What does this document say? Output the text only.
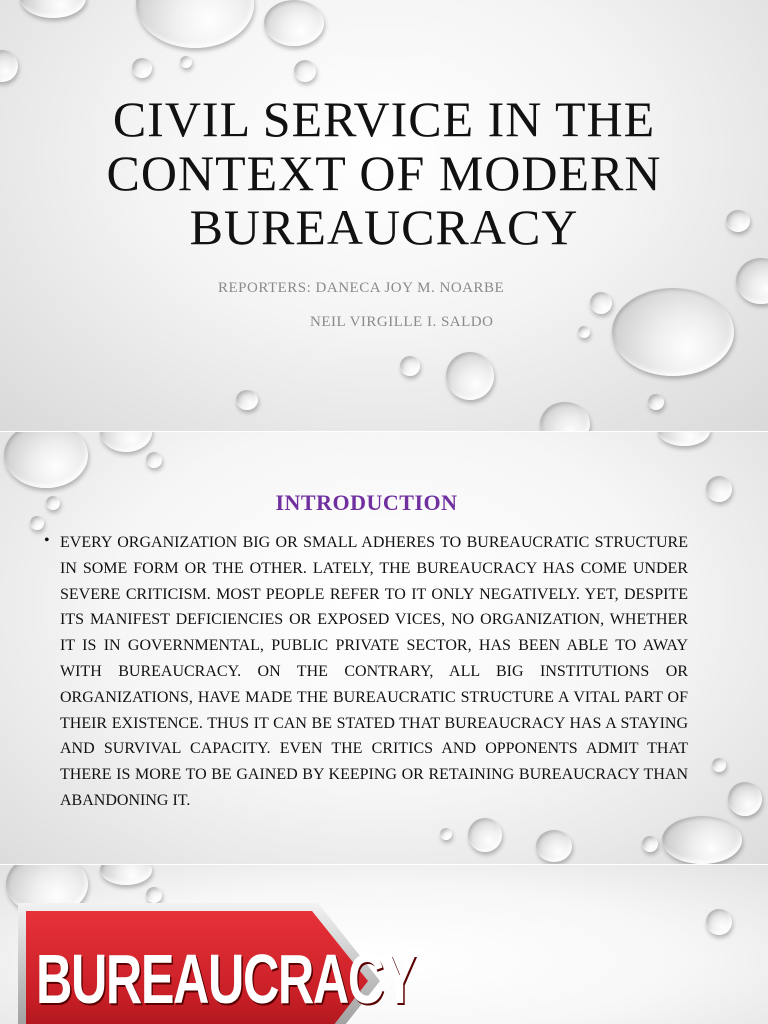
CIVIL SERVICE IN THE CONTEXT OF MODERN BUREAUCRACY
REPORTERS: DANECA JOY M. NOARBE
NEIL VIRGILLE I. SALDO
INTRODUCTION
• EVERY ORGANIZATION BIG OR SMALL ADHERES TO BUREAUCRATIC STRUCTURE IN SOME FORM OR THE OTHER. LATELY, THE BUREAUCRACY HAS COME UNDER SEVERE CRITICISM. MOST PEOPLE REFER TO IT ONLY NEGATIVELY. YET, DESPITE ITS MANIFEST DEFICIENCIES OR EXPOSED VICES, NO ORGANIZATION, WHETHER IT IS IN GOVERNMENTAL, PUBLIC PRIVATE SECTOR, HAS BEEN ABLE TO AWAY WITH BUREAUCRACY. ON THE CONTRARY, ALL BIG INSTITUTIONS OR ORGANIZATIONS, HAVE MADE THE BUREAUCRATIC STRUCTURE A VITAL PART OF THEIR EXISTENCE. THUS IT CAN BE STATED THAT BUREAUCRACY HAS A STAYING AND SURVIVAL CAPACITY. EVEN THE CRITICS AND OPPONENTS ADMIT THAT THERE IS MORE TO BE GAINED BY KEEPING OR RETAINING BUREAUCRACY THAN ABANDONING IT.
BUREAUCRACY
